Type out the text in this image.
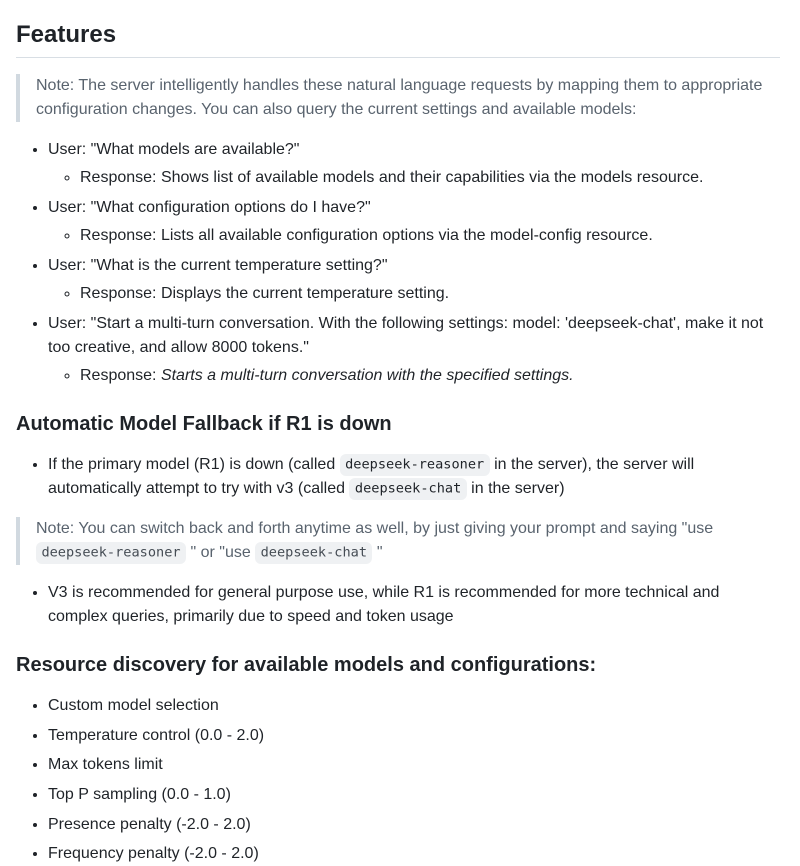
Features

Note: The server intelligently handles these natural language requests by mapping them to appropriate configuration changes. You can also query the current settings and available models:

• User: "What models are available?"
◦ Response: Shows list of available models and their capabilities via the models resource.
• User: "What configuration options do I have?"
◦ Response: Lists all available configuration options via the model-config resource.
• User: "What is the current temperature setting?"
◦ Response: Displays the current temperature setting.
• User: "Start a multi-turn conversation. With the following settings: model: 'deepseek-chat', make it not too creative, and allow 8000 tokens."
◦ Response: Starts a multi-turn conversation with the specified settings.
Automatic Model Fallback if R1 is down
• If the primary model (R1) is down (called deepseek-reasoner in the server), the server will automatically attempt to try with v3 (called deepseek-chat in the server)

Note: You can switch back and forth anytime as well, by just giving your prompt and saying "use deepseek-reasoner " or "use deepseek-chat "

• V3 is recommended for general purpose use, while R1 is recommended for more technical and complex queries, primarily due to speed and token usage
Resource discovery for available models and configurations:
• Custom model selection
• Temperature control (0.0 - 2.0)
• Max tokens limit
• Top P sampling (0.0 - 1.0)
• Presence penalty (-2.0 - 2.0)
• Frequency penalty (-2.0 - 2.0)
